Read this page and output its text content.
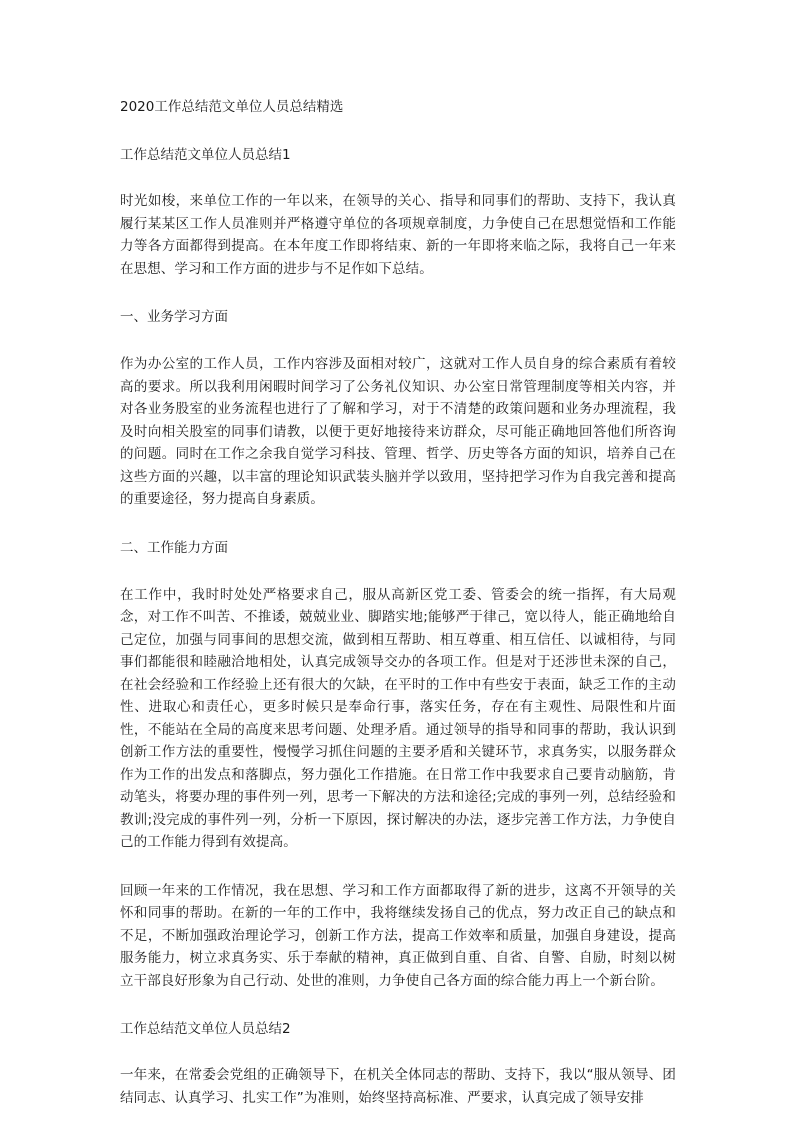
2020工作总结范文单位人员总结精选
工作总结范文单位人员总结1

时光如梭，来单位工作的一年以来，在领导的关心、指导和同事们的帮助、支持下，我认真履行某某区工作人员准则并严格遵守单位的各项规章制度，力争使自己在思想觉悟和工作能力等各方面都得到提高。在本年度工作即将结束、新的一年即将来临之际，我将自己一年来在思想、学习和工作方面的进步与不足作如下总结。

一、业务学习方面

作为办公室的工作人员，工作内容涉及面相对较广，这就对工作人员自身的综合素质有着较高的要求。所以我利用闲暇时间学习了公务礼仪知识、办公室日常管理制度等相关内容，并对各业务股室的业务流程也进行了了解和学习，对于不清楚的政策问题和业务办理流程，我及时向相关股室的同事们请教，以便于更好地接待来访群众，尽可能正确地回答他们所咨询的问题。同时在工作之余我自觉学习科技、管理、哲学、历史等各方面的知识，培养自己在这些方面的兴趣，以丰富的理论知识武装头脑并学以致用，坚持把学习作为自我完善和提高的重要途径，努力提高自身素质。

二、工作能力方面

在工作中，我时时处处严格要求自己，服从高新区党工委、管委会的统一指挥，有大局观念，对工作不叫苦、不推诿，兢兢业业、脚踏实地;能够严于律己，宽以待人，能正确地给自己定位，加强与同事间的思想交流，做到相互帮助、相互尊重、相互信任、以诚相待，与同事们都能很和睦融洽地相处，认真完成领导交办的各项工作。但是对于还涉世未深的自己，在社会经验和工作经验上还有很大的欠缺，在平时的工作中有些安于表面，缺乏工作的主动性、进取心和责任心，更多时候只是奉命行事，落实任务，存在有主观性、局限性和片面性，不能站在全局的高度来思考问题、处理矛盾。通过领导的指导和同事的帮助，我认识到创新工作方法的重要性，慢慢学习抓住问题的主要矛盾和关键环节，求真务实，以服务群众作为工作的出发点和落脚点，努力强化工作措施。在日常工作中我要求自己要肯动脑筋，肯动笔头，将要办理的事件列一列，思考一下解决的方法和途径;完成的事列一列，总结经验和教训;没完成的事件列一列，分析一下原因，探讨解决的办法，逐步完善工作方法，力争使自己的工作能力得到有效提高。

回顾一年来的工作情况，我在思想、学习和工作方面都取得了新的进步，这离不开领导的关怀和同事的帮助。在新的一年的工作中，我将继续发扬自己的优点，努力改正自己的缺点和不足，不断加强政治理论学习，创新工作方法，提高工作效率和质量，加强自身建设，提高服务能力，树立求真务实、乐于奉献的精神，真正做到自重、自省、自警、自励，时刻以树立干部良好形象为自己行动、处世的准则，力争使自己各方面的综合能力再上一个新台阶。

工作总结范文单位人员总结2

一年来，在常委会党组的正确领导下，在机关全体同志的帮助、支持下，我以“服从领导、团结同志、认真学习、扎实工作”为准则，始终坚持高标准、严要求，认真完成了领导安排
